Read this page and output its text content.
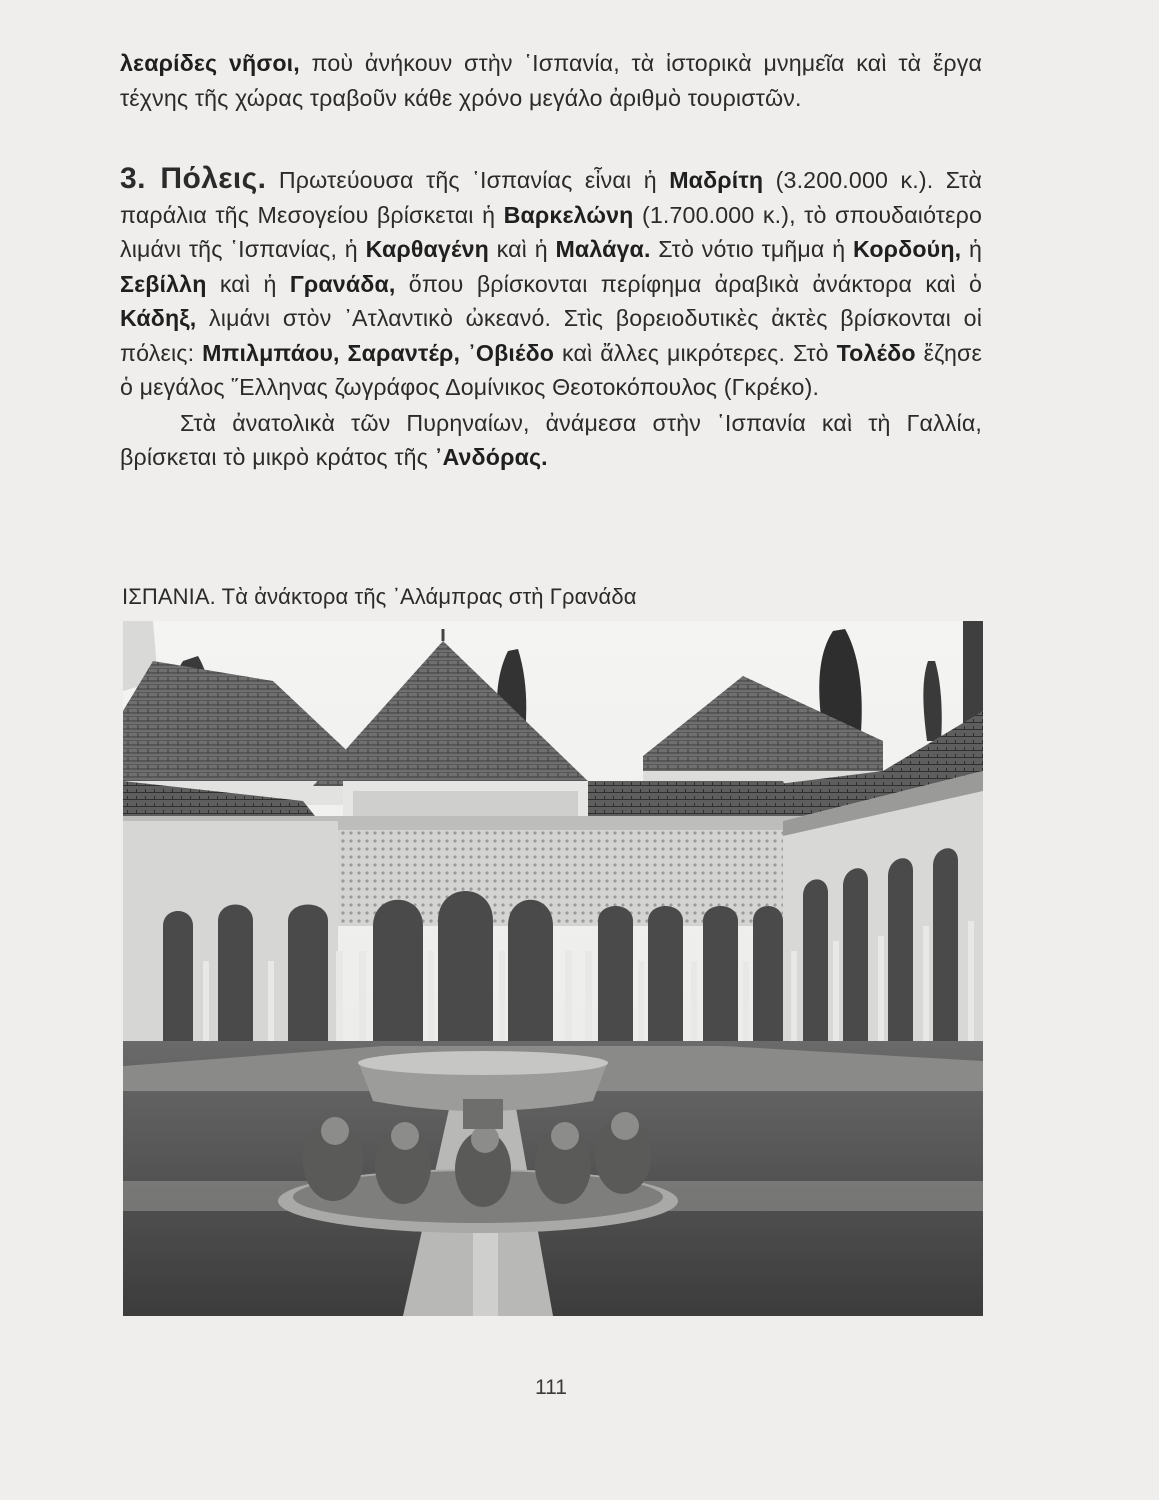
λεαρίδες νῆσοι, ποὺ ἀνήκουν στὴν ῾Ισπανία, τὰ ἱστορικὰ μνημεῖα καὶ τὰ ἔργα τέχνης τῆς χώρας τραβοῦν κάθε χρόνο μεγάλο ἀριθμὸ τουριστῶν.

3. Πόλεις. Πρωτεύουσα τῆς ῾Ισπανίας εἶναι ἡ Μαδρίτη (3.200.000 κ.). Στὰ παράλια τῆς Μεσογείου βρίσκεται ἡ Βαρκελώνη (1.700.000 κ.), τὸ σπουδαιότερο λιμάνι τῆς ῾Ισπανίας, ἡ Καρθαγένη καὶ ἡ Μαλάγα. Στὸ νότιο τμῆμα ἡ Κορδούη, ἡ Σεβίλλη καὶ ἡ Γρανάδα, ὅπου βρίσκονται περίφημα ἀραβικὰ ἀνάκτορα καὶ ὁ Κάδηξ, λιμάνι στὸν ᾿Ατλαντικὸ ὠκεανό. Στὶς βορειοδυτικὲς ἀκτὲς βρίσκονται οἱ πόλεις: Μπιλμπάου, Σαραντέρ, ᾿Οβιέδο καὶ ἄλλες μικρότερες. Στὸ Τολέδο ἔζησε ὁ μεγάλος ῞Ελληνας ζωγράφος Δομίνικος Θεοτοκόπουλος (Γκρέκο).

Στὰ ἀνατολικὰ τῶν Πυρηναίων, ἀνάμεσα στὴν ῾Ισπανία καὶ τὴ Γαλλία, βρίσκεται τὸ μικρὸ κράτος τῆς ᾿Ανδόρας.

ΙΣΠΑΝΙΑ. Τὰ ἀνάκτορα τῆς ᾿Αλάμπρας στὴ Γρανάδα
111
